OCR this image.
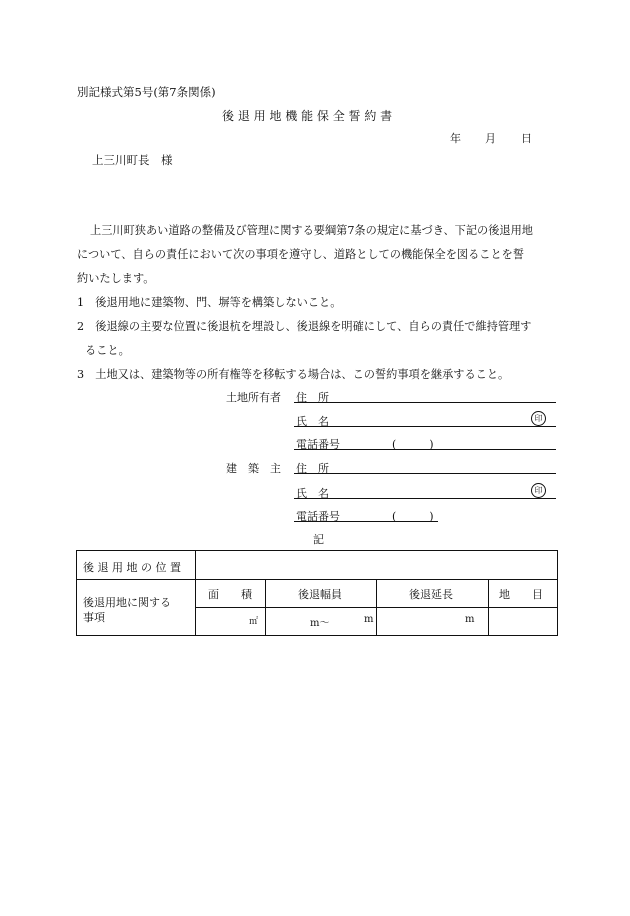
別記様式第5号(第7条関係)
後 退 用 地 機 能 保 全 誓 約 書
年 月 日
上三川町長　様
上三川町狭あい道路の整備及び管理に関する要綱第7条の規定に基づき、下記の後退用地
について、自らの責任において次の事項を遵守し、道路としての機能保全を図ることを誓
約いたします。
1　後退用地に建築物、門、塀等を構築しないこと。
2　後退線の主要な位置に後退杭を埋設し、後退線を明確にして、自らの責任で維持管理す
ること。
3　土地又は、建築物等の所有権等を移転する場合は、この誓約事項を継承すること。
土地所有者 住　所
氏　名	印
電話番号	(　　　)
建　築　主 住　所
氏　名	印
電話番号	(　　　)
記
後 退 用 地 の 位 置
後退用地に関する
事項
面　　積	後退幅員	後退延長	地　　目
㎡	m〜	m	m
